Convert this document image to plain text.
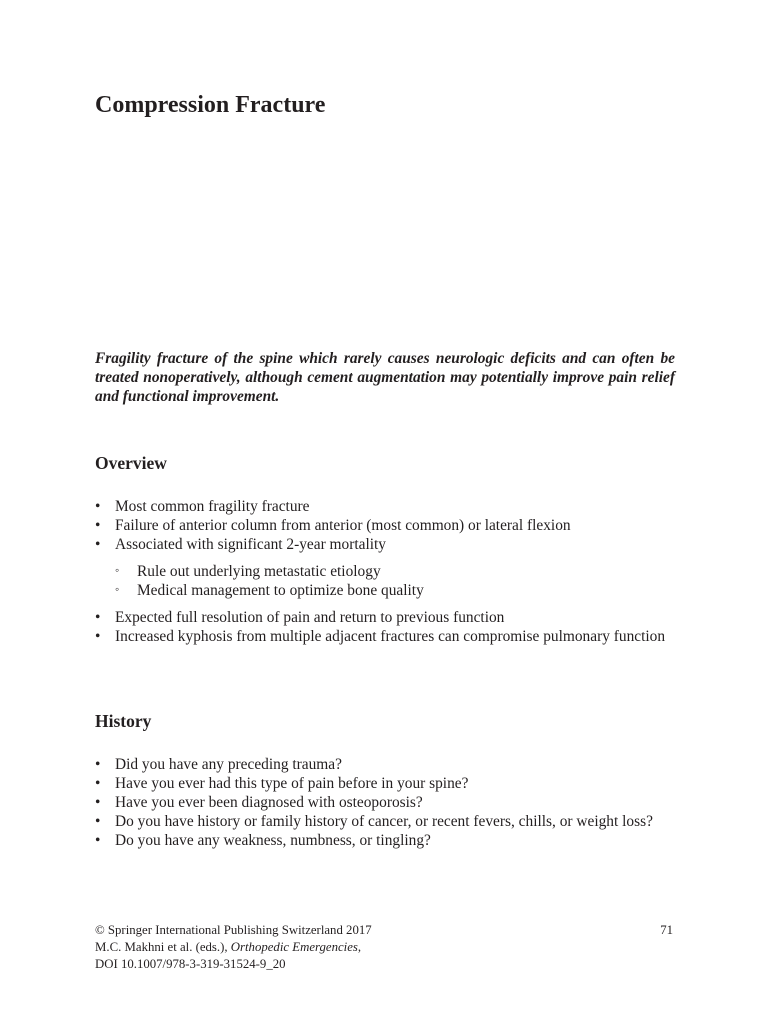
Compression Fracture

Fragility fracture of the spine which rarely causes neurologic deficits and can often be treated nonoperatively, although cement augmentation may potentially improve pain relief and functional improvement.

Overview
• Most common fragility fracture
• Failure of anterior column from anterior (most common) or lateral flexion
• Associated with significant 2-year mortality
◦ Rule out underlying metastatic etiology
◦ Medical management to optimize bone quality
• Expected full resolution of pain and return to previous function
• Increased kyphosis from multiple adjacent fractures can compromise pulmonary function
History
• Did you have any preceding trauma?
• Have you ever had this type of pain before in your spine?
• Have you ever been diagnosed with osteoporosis?
• Do you have history or family history of cancer, or recent fevers, chills, or weight loss?
• Do you have any weakness, numbness, or tingling?
© Springer International Publishing Switzerland 2017
M.C. Makhni et al. (eds.), Orthopedic Emergencies,
DOI 10.1007/978-3-319-31524-9_20
71
